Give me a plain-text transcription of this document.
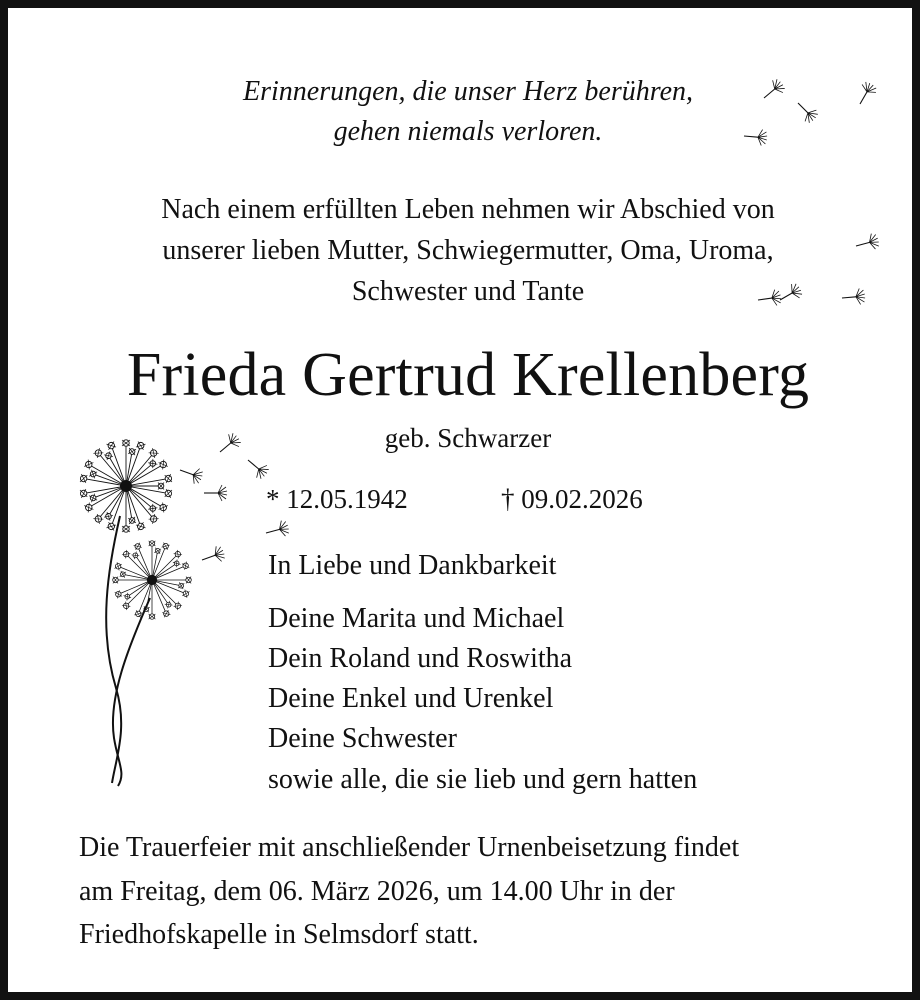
Erinnerungen, die unser Herz berühren,
gehen niemals verloren.
Nach einem erfüllten Leben nehmen wir Abschied von
unserer lieben Mutter, Schwiegermutter, Oma, Uroma,
Schwester und Tante
Frieda Gertrud Krellenberg
geb. Schwarzer
* 12.05.1942	† 09.02.2026
In Liebe und Dankbarkeit
Deine Marita und Michael
Dein Roland und Roswitha
Deine Enkel und Urenkel
Deine Schwester
sowie alle, die sie lieb und gern hatten
Die Trauerfeier mit anschließender Urnenbeisetzung findet
am Freitag, dem 06. März 2026, um 14.00 Uhr in der
Friedhofskapelle in Selmsdorf statt.
